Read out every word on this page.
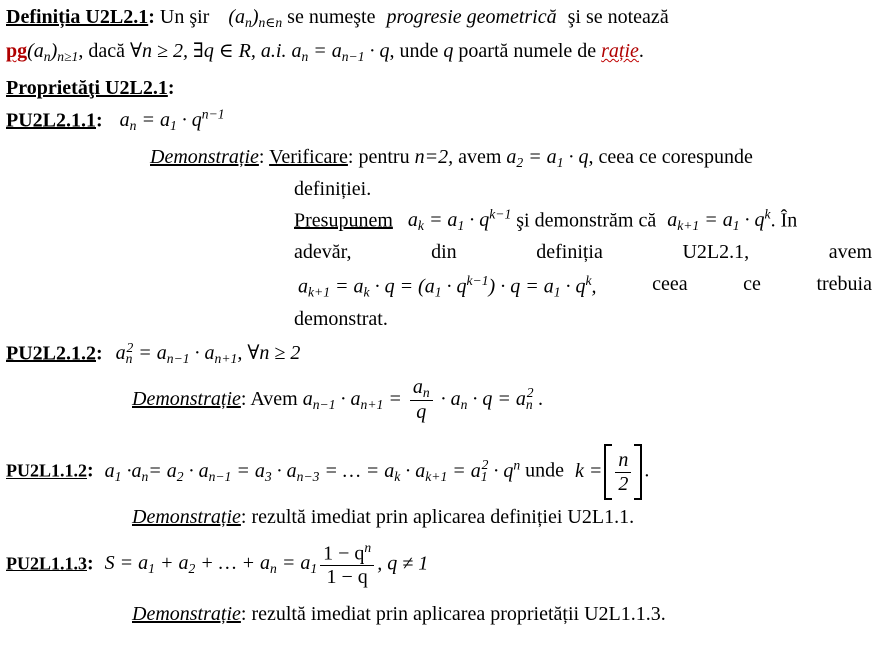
Definiția U2L2.1: Un şir $(a_n)_{n\in n}$ se numeşte progresie geometrică şi se notează
$pg(a_n)_{n\ge 1}$, dacă ∀n ≥ 2, ∃q ∈ R, a.i. $a_n = a_{n-1} \cdot q$, unde q poartă numele de rație.
Proprietăţi U2L2.1:
PU2L2.1.1: $a_n = a_1 \cdot q^{n-1}$
Demonstrație: Verificare: pentru n=2, avem $a_2 = a_1 \cdot q$, ceea ce corespunde
definiției.
Presupunem $a_k = a_1 \cdot q^{k-1}$ şi demonstrăm că $a_{k+1} = a_1 \cdot q^k$. În
adevăr,	din	definiția	U2L2.1,	avem
$a_{k+1} = a_k \cdot q = (a_1 \cdot q^{k-1}) \cdot q = a_1 \cdot q^k$,	ceea	ce	trebuia
demonstrat.
PU2L2.1.2: $a_n^2 = a_{n-1} \cdot a_{n+1}$, ∀n ≥ 2
Demonstrație: Avem $a_{n-1} \cdot a_{n+1} = \frac{a_n}{q} \cdot a_n \cdot q = a_n^2$ .
PU2L1.1.2: $a_1 \cdot a_n= a_2 \cdot a_{n-1} = a_3 \cdot a_{n-3}$ = … = $a_k \cdot a_{k+1} = a_1^2 \cdot q^n$ unde $k = \frac{n}{2}$ .
Demonstrație: rezultă imediat prin aplicarea definiției U2L1.1.
PU2L1.1.3: $S = a_1 + a_2$ + … + $a_n = a_1 \frac{1 - q^n}{1 - q}$ , q ≠ 1
Demonstrație: rezultă imediat prin aplicarea proprietății U2L1.1.3.
